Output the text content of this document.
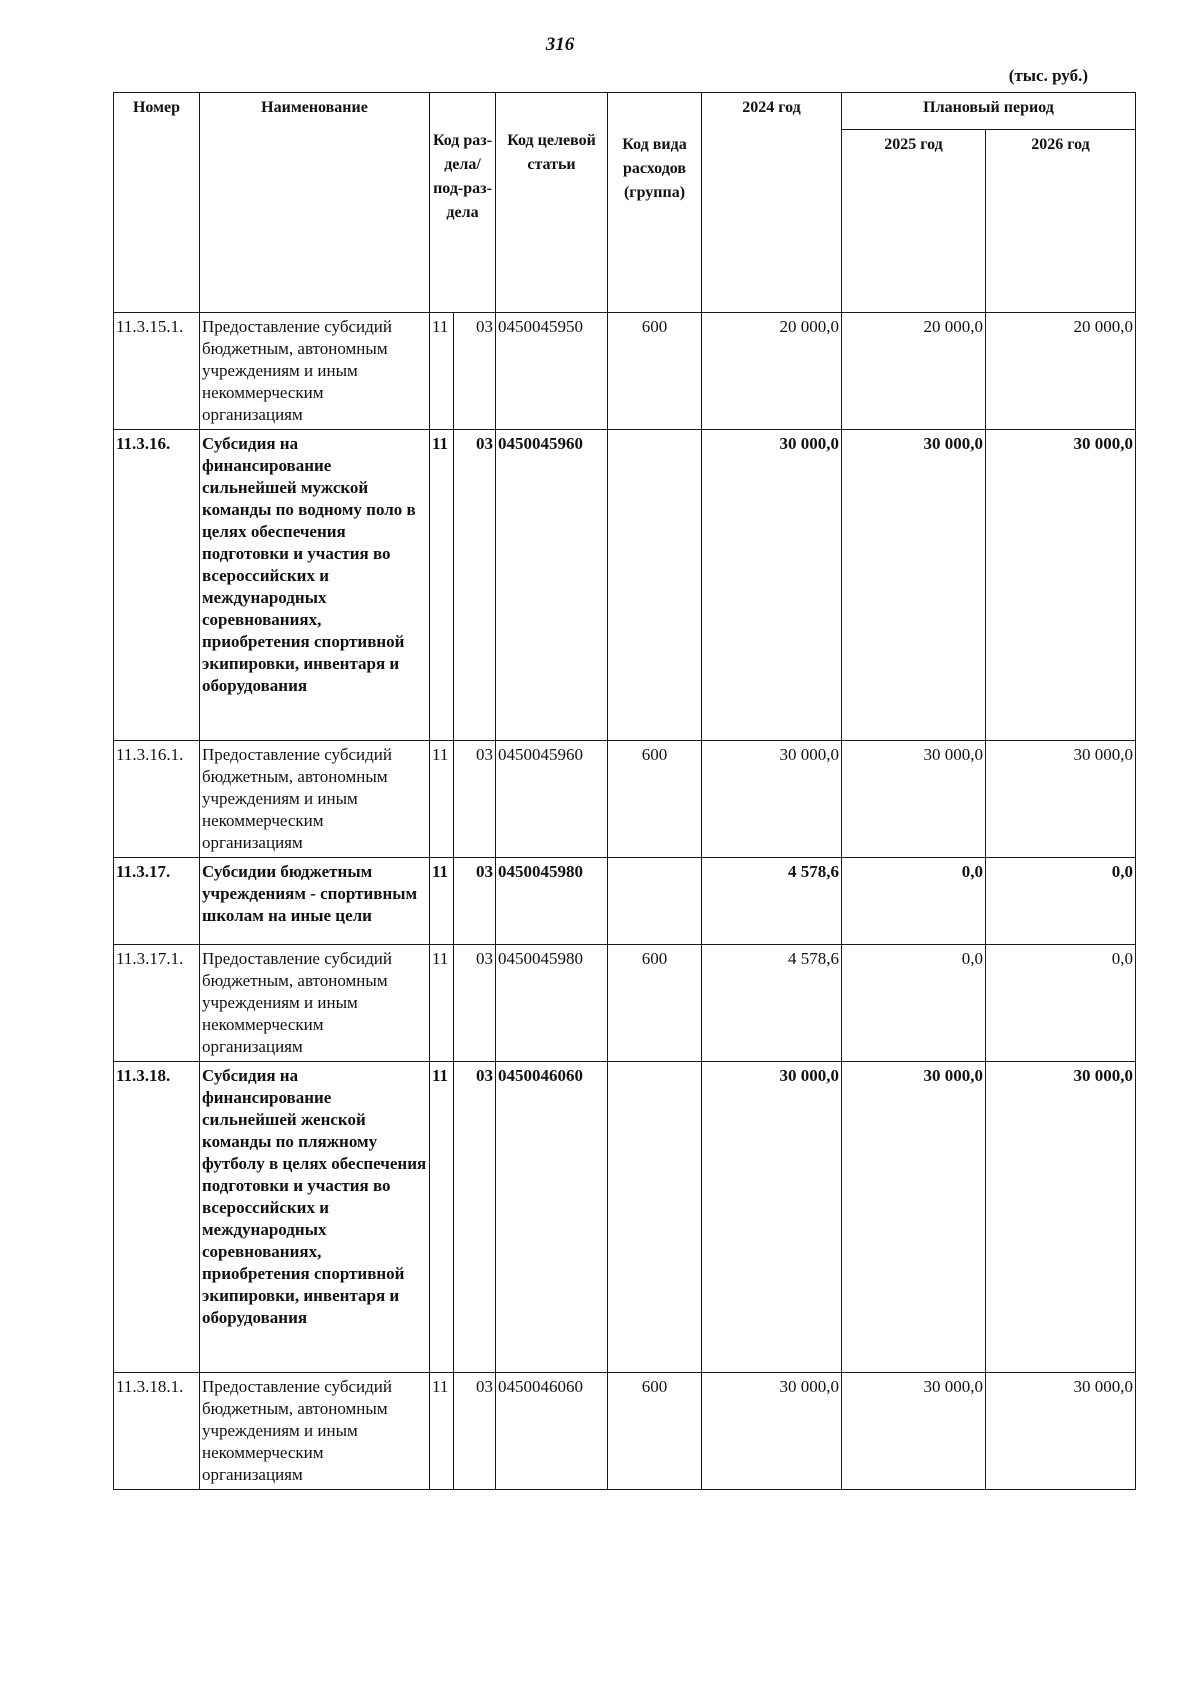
316
(тыс. руб.)
Номер	Наименование	Код раз-дела/ под-раз-дела		Код целевой статьи	Код вида расходов (группа)	2024 год	Плановый период	
							2025 год	2026 год
11.3.15.1.	Предоставление субсидий бюджетным, автономным учреждениям и иным некоммерческим организациям	11	03	0450045950	600	20 000,0	20 000,0	20 000,0
11.3.16.	Субсидия на финансирование сильнейшей мужской команды по водному поло в целях обеспечения подготовки и участия во всероссийских и международных соревнованиях, приобретения спортивной экипировки, инвентаря и оборудования	11	03	0450045960		30 000,0	30 000,0	30 000,0
11.3.16.1.	Предоставление субсидий бюджетным, автономным учреждениям и иным некоммерческим организациям	11	03	0450045960	600	30 000,0	30 000,0	30 000,0
11.3.17.	Субсидии бюджетным учреждениям - спортивным школам на иные цели	11	03	0450045980		4 578,6	0,0	0,0
11.3.17.1.	Предоставление субсидий бюджетным, автономным учреждениям и иным некоммерческим организациям	11	03	0450045980	600	4 578,6	0,0	0,0
11.3.18.	Субсидия на финансирование сильнейшей женской команды по пляжному футболу в целях обеспечения подготовки и участия во всероссийских и международных соревнованиях, приобретения спортивной экипировки, инвентаря и оборудования	11	03	0450046060		30 000,0	30 000,0	30 000,0
11.3.18.1.	Предоставление субсидий бюджетным, автономным учреждениям и иным некоммерческим организациям	11	03	0450046060	600	30 000,0	30 000,0	30 000,0
